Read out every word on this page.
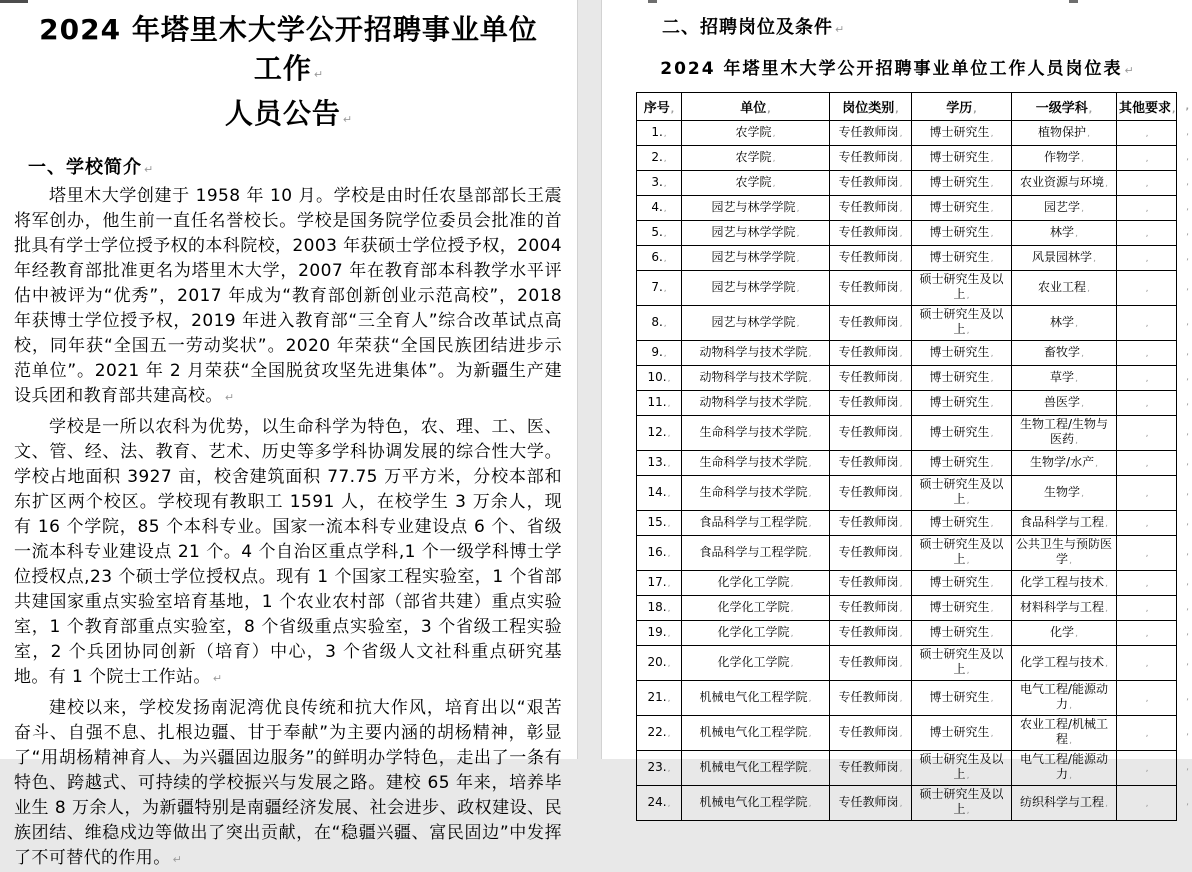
2024 年塔里木大学公开招聘事业单位工作 ↵
人员公告 ↵
一、学校简介 ↵

塔里木大学创建于 1958 年 10 月。学校是由时任农垦部部长王震将军创办，他生前一直任名誉校长。学校是国务院学位委员会批准的首批具有学士学位授予权的本科院校，2003 年获硕士学位授予权，2004 年经教育部批准更名为塔里木大学，2007 年在教育部本科教学水平评估中被评为“优秀”，2017 年成为“教育部创新创业示范高校”，2018 年获博士学位授予权，2019 年进入教育部“三全育人”综合改革试点高校，同年获“全国五一劳动奖状”。2020 年荣获“全国民族团结进步示范单位”。2021 年 2 月荣获“全国脱贫攻坚先进集体”。为新疆生产建设兵团和教育部共建高校。 ↵

学校是一所以农科为优势，以生命科学为特色，农、理、工、医、文、管、经、法、教育、艺术、历史等多学科协调发展的综合性大学。学校占地面积 3927 亩，校舍建筑面积 77.75 万平方米，分校本部和东扩区两个校区。学校现有教职工 1591 人，在校学生 3 万余人，现有 16 个学院，85 个本科专业。国家一流本科专业建设点 6 个、省级一流本科专业建设点 21 个。4 个自治区重点学科,1 个一级学科博士学位授权点,23 个硕士学位授权点。现有 1 个国家工程实验室，1 个省部共建国家重点实验室培育基地，1 个农业农村部（部省共建）重点实验室，1 个教育部重点实验室，8 个省级重点实验室，3 个省级工程实验室，2 个兵团协同创新（培育）中心，3 个省级人文社科重点研究基地。有 1 个院士工作站。 ↵

建校以来，学校发扬南泥湾优良传统和抗大作风，培育出以“艰苦奋斗、自强不息、扎根边疆、甘于奉献”为主要内涵的胡杨精神，彰显了“用胡杨精神育人、为兴疆固边服务”的鲜明办学特色，走出了一条有特色、跨越式、可持续的学校振兴与发展之路。建校 65 年来，培养毕业生 8 万余人，为新疆特别是南疆经济发展、社会进步、政权建设、民族团结、维稳戍边等做出了突出贡献，在“稳疆兴疆、富民固边”中发挥了不可替代的作用。 ↵

二、招聘岗位及条件 ↵
2024 年塔里木大学公开招聘事业单位工作人员岗位表 ↵
序号 ,	单位 ,	岗位类别 ,	学历 ,	一级学科 ,	其他要求 ,
,
1. ,	农学院 ,	专任教师岗 ,	博士研究生 ,	植物保护 ,	,
,
2. ,	农学院 ,	专任教师岗 ,	博士研究生 ,	作物学 ,	,
,
3. ,	农学院 ,	专任教师岗 ,	博士研究生 ,	农业资源与环境 ,	,
,
4. ,	园艺与林学学院 ,	专任教师岗 ,	博士研究生 ,	园艺学 ,	,
,
5. ,	园艺与林学学院 ,	专任教师岗 ,	博士研究生 ,	林学 ,	,
,
6. ,	园艺与林学学院 ,	专任教师岗 ,	博士研究生 ,	风景园林学 ,	,
,
7. ,	园艺与林学学院 ,	专任教师岗 ,	硕士研究生及以上 ,	农业工程 ,	,
,
8. ,	园艺与林学学院 ,	专任教师岗 ,	硕士研究生及以上 ,	林学 ,	,
,
9. ,	动物科学与技术学院 ,	专任教师岗 ,	博士研究生 ,	畜牧学 ,	,
,
10. ,	动物科学与技术学院 ,	专任教师岗 ,	博士研究生 ,	草学 ,	,
,
11. ,	动物科学与技术学院 ,	专任教师岗 ,	博士研究生 ,	兽医学 ,	,
,
12. ,	生命科学与技术学院 ,	专任教师岗 ,	博士研究生 ,	生物工程/生物与医药 ,	,
,
13. ,	生命科学与技术学院 ,	专任教师岗 ,	博士研究生 ,	生物学/水产 ,	,
,
14. ,	生命科学与技术学院 ,	专任教师岗 ,	硕士研究生及以上 ,	生物学 ,	,
,
15. ,	食品科学与工程学院 ,	专任教师岗 ,	博士研究生 ,	食品科学与工程 ,	,
,
16. ,	食品科学与工程学院 ,	专任教师岗 ,	硕士研究生及以上 ,	公共卫生与预防医学 ,	,
,
17. ,	化学化工学院 ,	专任教师岗 ,	博士研究生 ,	化学工程与技术 ,	,
,
18. ,	化学化工学院 ,	专任教师岗 ,	博士研究生 ,	材料科学与工程 ,	,
,
19. ,	化学化工学院 ,	专任教师岗 ,	博士研究生 ,	化学 ,	,
,
20. ,	化学化工学院 ,	专任教师岗 ,	硕士研究生及以上 ,	化学工程与技术 ,	,
,
21. ,	机械电气化工程学院 ,	专任教师岗 ,	博士研究生 ,	电气工程/能源动力 ,	,
,
22. ,	机械电气化工程学院 ,	专任教师岗 ,	博士研究生 ,	农业工程/机械工程 ,	,
,
23. ,	机械电气化工程学院 ,	专任教师岗 ,	硕士研究生及以上 ,	电气工程/能源动力 ,	,
,
24. ,	机械电气化工程学院 ,	专任教师岗 ,	硕士研究生及以上 ,	纺织科学与工程 ,	,
,
